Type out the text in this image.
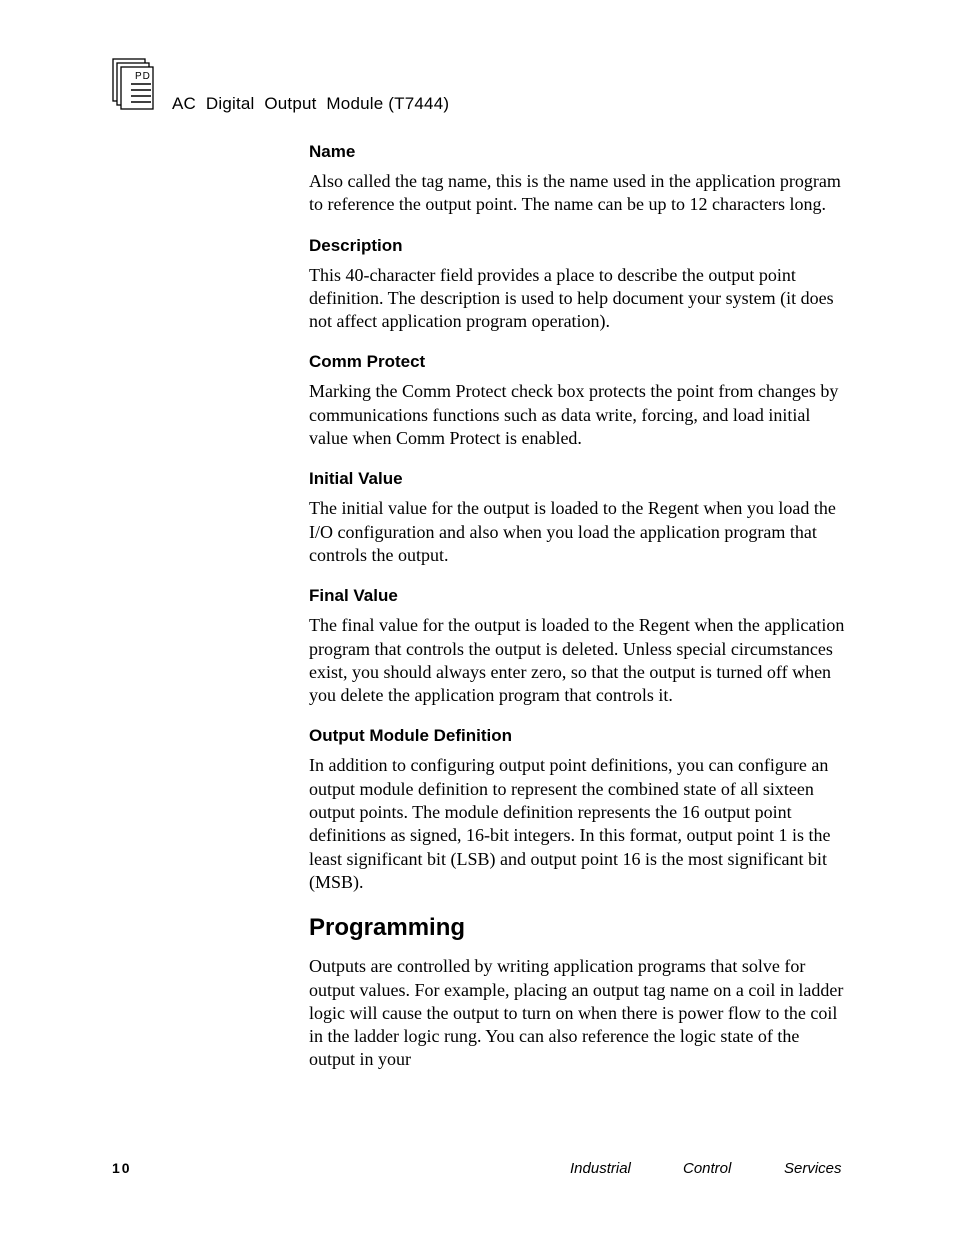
PD
AC  Digital  Output  Module (T7444)
Name

Also called the tag name, this is the name used in the application program to reference the output point. The name can be up to 12 characters long.

Description

This 40-character field provides a place to describe the output point definition. The description is used to help document your system (it does not affect application program operation).

Comm Protect

Marking the Comm Protect check box protects the point from changes by communications functions such as data write, forcing, and load initial value when Comm Protect is enabled.

Initial Value

The initial value for the output is loaded to the Regent when you load the I/O configuration and also when you load the application program that controls the output.

Final Value

The final value for the output is loaded to the Regent when the application program that controls the output is deleted. Unless special circumstances exist, you should always enter zero, so that the output is turned off when you delete the application program that controls it.

Output Module Definition

In addition to configuring output point definitions, you can configure an output module definition to represent the combined state of all sixteen output points. The module definition represents the 16 output point definitions as signed, 16-bit integers. In this format, output point 1 is the least significant bit (LSB) and output point 16 is the most significant bit (MSB).

Programming

Outputs are controlled by writing application programs that solve for output values. For example, placing an output tag name on a coil in ladder logic will cause the output to turn on when there is power flow to the coil in the ladder logic rung. You can also reference the logic state of the output in your

10	Industrial	Control	Services
